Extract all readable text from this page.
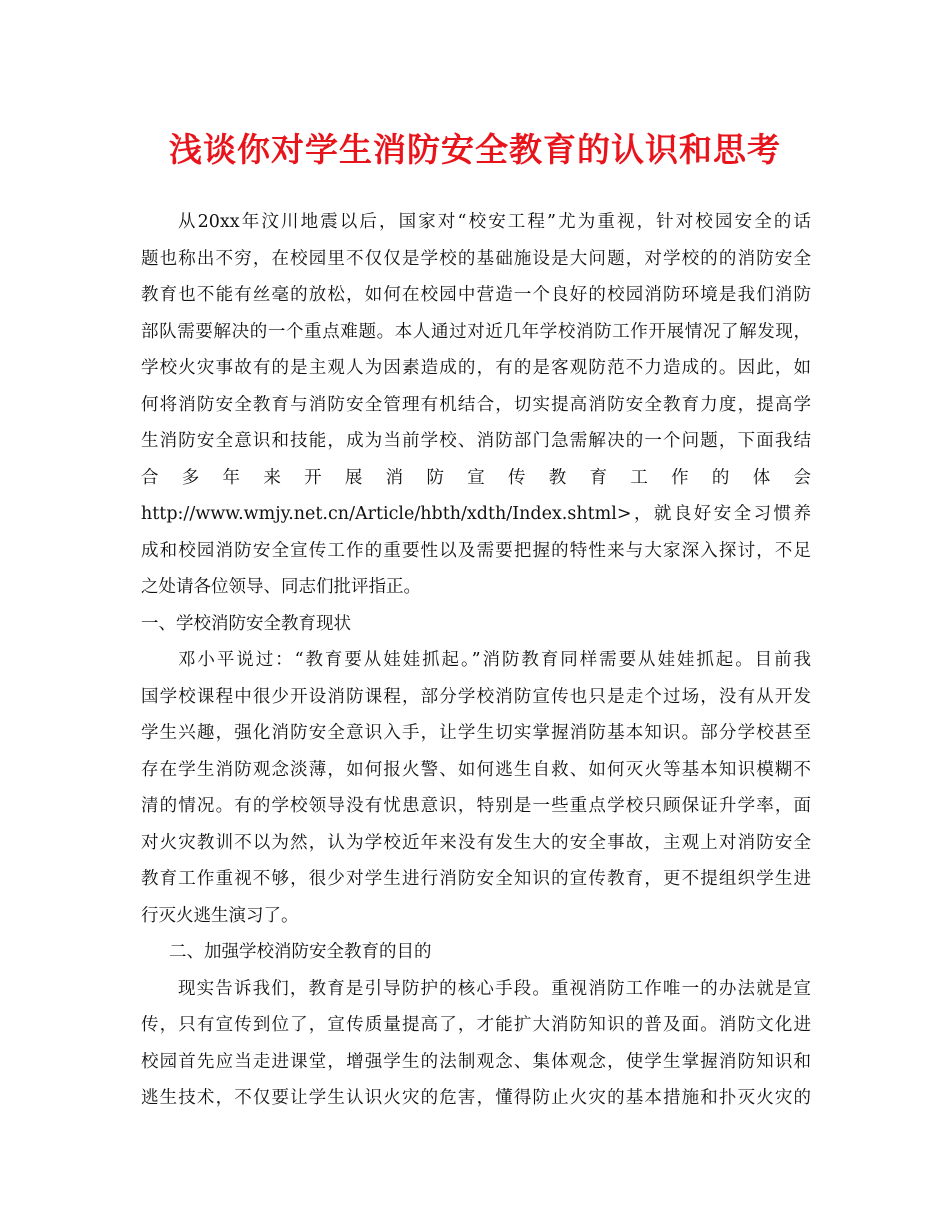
浅谈你对学生消防安全教育的认识和思考

从20xx年汶川地震以后，国家对“校安工程”尤为重视，针对校园安全的话

题也称出不穷，在校园里不仅仅是学校的基础施设是大问题，对学校的的消防安全

教育也不能有丝毫的放松，如何在校园中营造一个良好的校园消防环境是我们消防

部队需要解决的一个重点难题。本人通过对近几年学校消防工作开展情况了解发现，

学校火灾事故有的是主观人为因素造成的，有的是客观防范不力造成的。因此，如

何将消防安全教育与消防安全管理有机结合，切实提高消防安全教育力度，提高学

生消防安全意识和技能，成为当前学校、消防部门急需解决的一个问题，下面我结

合 多 年 来 开 展 消 防 宣 传 教 育 工 作 的 体 会

http://www.wmjy.net.cn/Article/hbth/xdth/Index.shtml>，就良好安全习惯养

成和校园消防安全宣传工作的重要性以及需要把握的特性来与大家深入探讨，不足

之处请各位领导、同志们批评指正。

一、学校消防安全教育现状

邓小平说过：“教育要从娃娃抓起。”消防教育同样需要从娃娃抓起。目前我

国学校课程中很少开设消防课程，部分学校消防宣传也只是走个过场，没有从开发

学生兴趣，强化消防安全意识入手，让学生切实掌握消防基本知识。部分学校甚至

存在学生消防观念淡薄，如何报火警、如何逃生自救、如何灭火等基本知识模糊不

清的情况。有的学校领导没有忧患意识，特别是一些重点学校只顾保证升学率，面

对火灾教训不以为然，认为学校近年来没有发生大的安全事故，主观上对消防安全

教育工作重视不够，很少对学生进行消防安全知识的宣传教育，更不提组织学生进

行灭火逃生演习了。

二、加强学校消防安全教育的目的

现实告诉我们，教育是引导防护的核心手段。重视消防工作唯一的办法就是宣

传，只有宣传到位了，宣传质量提高了，才能扩大消防知识的普及面。消防文化进

校园首先应当走进课堂，增强学生的法制观念、集体观念，使学生掌握消防知识和

逃生技术，不仅要让学生认识火灾的危害，懂得防止火灾的基本措施和扑灭火灾的
